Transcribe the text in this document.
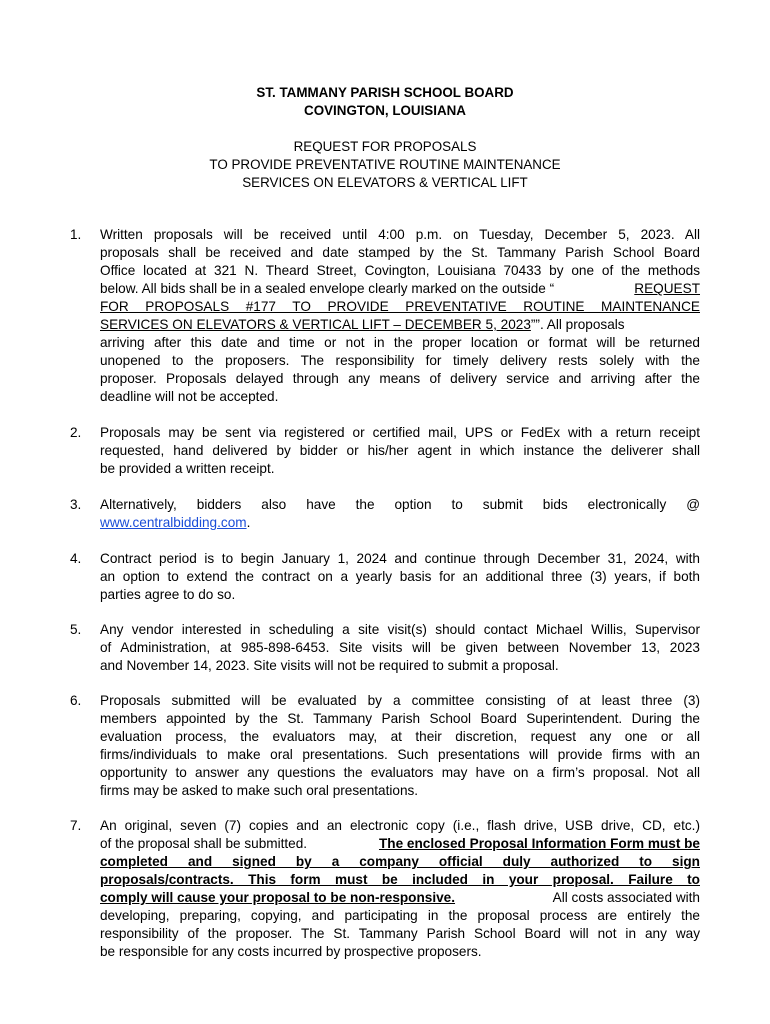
ST. TAMMANY PARISH SCHOOL BOARD
COVINGTON, LOUISIANA
REQUEST FOR PROPOSALS
TO PROVIDE PREVENTATIVE ROUTINE MAINTENANCE
SERVICES ON ELEVATORS & VERTICAL LIFT
1.	Written proposals will be received until 4:00 p.m. on Tuesday, December 5, 2023. All
proposals shall be received and date stamped by the St. Tammany Parish School Board
Office located at 321 N. Theard Street, Covington, Louisiana 70433 by one of the methods
below. All bids shall be in a sealed envelope clearly marked on the outside “	REQUEST
FOR PROPOSALS #177 TO PROVIDE PREVENTATIVE ROUTINE MAINTENANCE
SERVICES ON ELEVATORS & VERTICAL LIFT – DECEMBER 5, 2023””. All proposals
arriving after this date and time or not in the proper location or format will be returned
unopened to the proposers. The responsibility for timely delivery rests solely with the
proposer. Proposals delayed through any means of delivery service and arriving after the
deadline will not be accepted.
2.	Proposals may be sent via registered or certified mail, UPS or FedEx with a return receipt
requested, hand delivered by bidder or his/her agent in which instance the deliverer shall
be provided a written receipt.
3.	Alternatively, bidders also have the option to submit bids electronically @
www.centralbidding.com.
4.	Contract period is to begin January 1, 2024 and continue through December 31, 2024, with
an option to extend the contract on a yearly basis for an additional three (3) years, if both
parties agree to do so.
5.	Any vendor interested in scheduling a site visit(s) should contact Michael Willis, Supervisor
of Administration, at 985-898-6453. Site visits will be given between November 13, 2023
and November 14, 2023. Site visits will not be required to submit a proposal.
6.	Proposals submitted will be evaluated by a committee consisting of at least three (3)
members appointed by the St. Tammany Parish School Board Superintendent. During the
evaluation process, the evaluators may, at their discretion, request any one or all
firms/individuals to make oral presentations. Such presentations will provide firms with an
opportunity to answer any questions the evaluators may have on a firm’s proposal. Not all
firms may be asked to make such oral presentations.
7.	An original, seven (7) copies and an electronic copy (i.e., flash drive, USB drive, CD, etc.)
of the proposal shall be submitted.	The enclosed Proposal Information Form must be
completed and signed by a company official duly authorized to sign
proposals/contracts. This form must be included in your proposal. Failure to
comply will cause your proposal to be non-responsive.	All costs associated with
developing, preparing, copying, and participating in the proposal process are entirely the
responsibility of the proposer. The St. Tammany Parish School Board will not in any way
be responsible for any costs incurred by prospective proposers.
